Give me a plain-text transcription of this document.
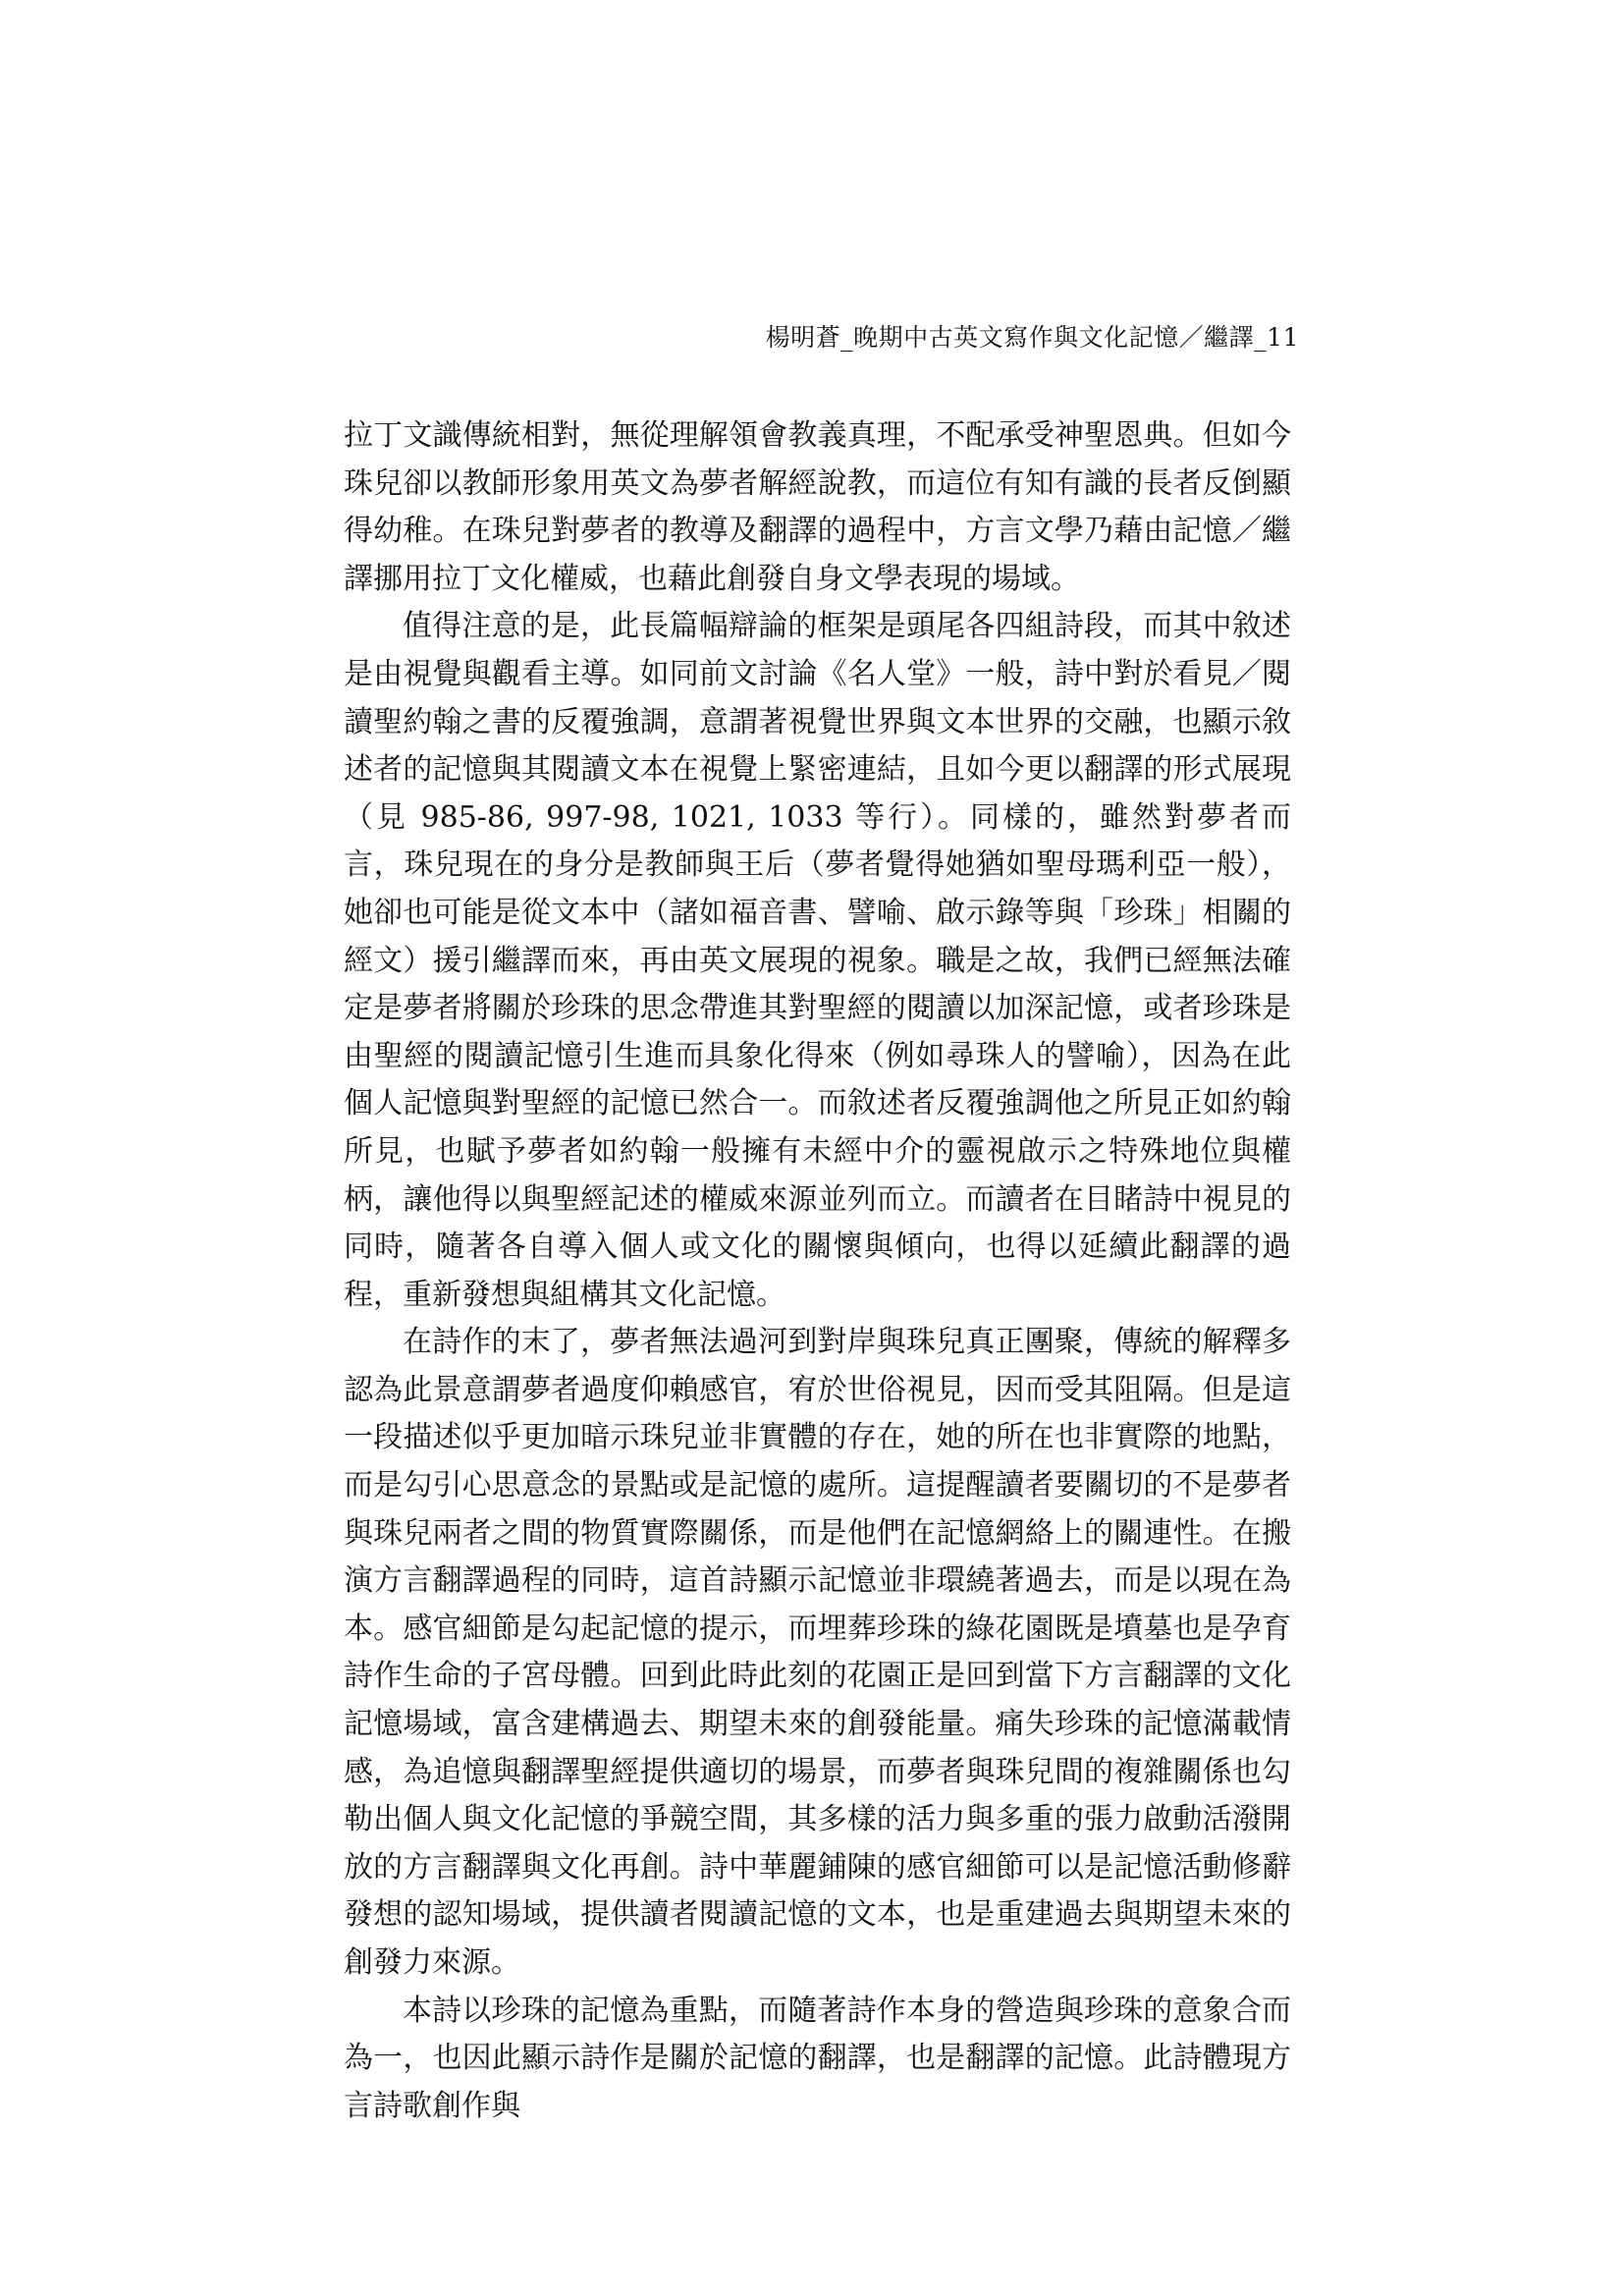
楊明蒼_晚期中古英文寫作與文化記憶／繼譯_11

拉丁文識傳統相對，無從理解領會教義真理，不配承受神聖恩典。但如今珠兒卻以教師形象用英文為夢者解經說教，而這位有知有識的長者反倒顯得幼稚。在珠兒對夢者的教導及翻譯的過程中，方言文學乃藉由記憶／繼譯挪用拉丁文化權威，也藉此創發自身文學表現的場域。

值得注意的是，此長篇幅辯論的框架是頭尾各四組詩段，而其中敘述是由視覺與觀看主導。如同前文討論《名人堂》一般，詩中對於看見／閱讀聖約翰之書的反覆強調，意謂著視覺世界與文本世界的交融，也顯示敘述者的記憶與其閱讀文本在視覺上緊密連結，且如今更以翻譯的形式展現（見 985-86, 997-98, 1021, 1033 等行）。同樣的，雖然對夢者而言，珠兒現在的身分是教師與王后（夢者覺得她猶如聖母瑪利亞一般），她卻也可能是從文本中（諸如福音書、譬喻、啟示錄等與「珍珠」相關的經文）援引繼譯而來，再由英文展現的視象。職是之故，我們已經無法確定是夢者將關於珍珠的思念帶進其對聖經的閱讀以加深記憶，或者珍珠是由聖經的閱讀記憶引生進而具象化得來（例如尋珠人的譬喻），因為在此個人記憶與對聖經的記憶已然合一。而敘述者反覆強調他之所見正如約翰所見，也賦予夢者如約翰一般擁有未經中介的靈視啟示之特殊地位與權柄，讓他得以與聖經記述的權威來源並列而立。而讀者在目睹詩中視見的同時，隨著各自導入個人或文化的關懷與傾向，也得以延續此翻譯的過程，重新發想與組構其文化記憶。

在詩作的末了，夢者無法過河到對岸與珠兒真正團聚，傳統的解釋多認為此景意謂夢者過度仰賴感官，宥於世俗視見，因而受其阻隔。但是這一段描述似乎更加暗示珠兒並非實體的存在，她的所在也非實際的地點，而是勾引心思意念的景點或是記憶的處所。這提醒讀者要關切的不是夢者與珠兒兩者之間的物質實際關係，而是他們在記憶網絡上的關連性。在搬演方言翻譯過程的同時，這首詩顯示記憶並非環繞著過去，而是以現在為本。感官細節是勾起記憶的提示，而埋葬珍珠的綠花園既是墳墓也是孕育詩作生命的子宮母體。回到此時此刻的花園正是回到當下方言翻譯的文化記憶場域，富含建構過去、期望未來的創發能量。痛失珍珠的記憶滿載情感，為追憶與翻譯聖經提供適切的場景，而夢者與珠兒間的複雜關係也勾勒出個人與文化記憶的爭競空間，其多樣的活力與多重的張力啟動活潑開放的方言翻譯與文化再創。詩中華麗鋪陳的感官細節可以是記憶活動修辭發想的認知場域，提供讀者閱讀記憶的文本，也是重建過去與期望未來的創發力來源。

本詩以珍珠的記憶為重點，而隨著詩作本身的營造與珍珠的意象合而為一，也因此顯示詩作是關於記憶的翻譯，也是翻譯的記憶。此詩體現方言詩歌創作與
